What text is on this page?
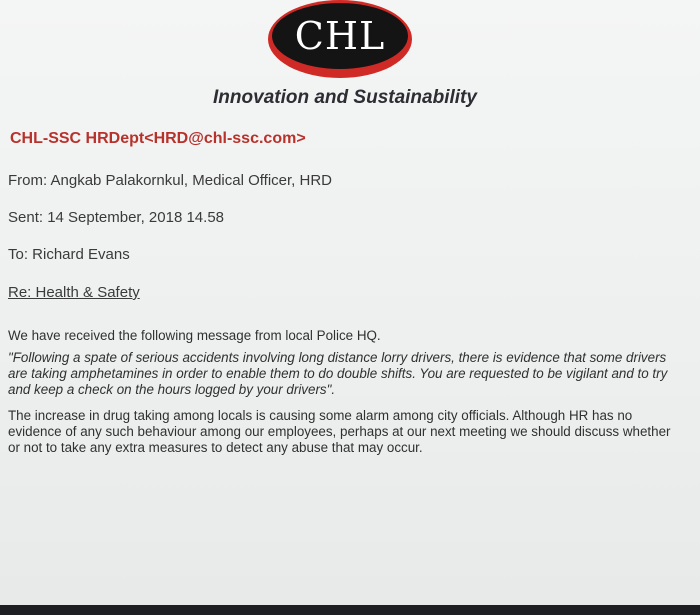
CHL
Innovation and Sustainability
CHL-SSC HRDept<HRD@chl-ssc.com>
From: Angkab Palakornkul, Medical Officer, HRD
Sent: 14 September, 2018 14.58
To: Richard Evans
Re: Health & Safety

We have received the following message from local Police HQ.

"Following a spate of serious accidents involving long distance lorry drivers, there is evidence that some drivers are taking amphetamines in order to enable them to do double shifts. You are requested to be vigilant and to try and keep a check on the hours logged by your drivers".

The increase in drug taking among locals is causing some alarm among city officials. Although HR has no evidence of any such behaviour among our employees, perhaps at our next meeting we should discuss whether or not to take any extra measures to detect any abuse that may occur.
